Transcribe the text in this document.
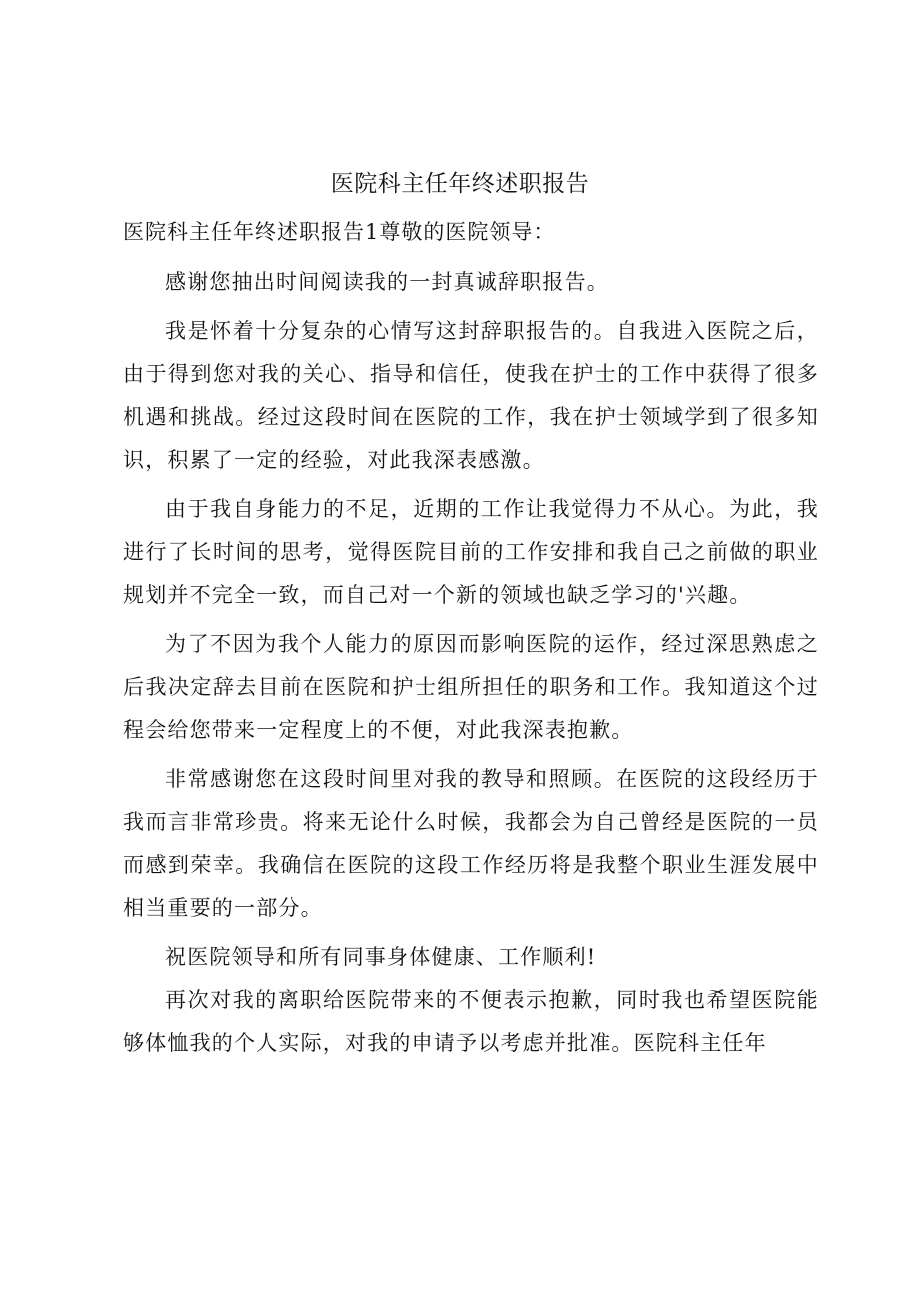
医院科主任年终述职报告

医院科主任年终述职报告1尊敬的医院领导：

感谢您抽出时间阅读我的一封真诚辞职报告。

我是怀着十分复杂的心情写这封辞职报告的。自我进入医院之后，由于得到您对我的关心、指导和信任，使我在护士的工作中获得了很多机遇和挑战。经过这段时间在医院的工作，我在护士领域学到了很多知识，积累了一定的经验，对此我深表感激。

由于我自身能力的不足，近期的工作让我觉得力不从心。为此，我进行了长时间的思考，觉得医院目前的工作安排和我自己之前做的职业规划并不完全一致，而自己对一个新的领域也缺乏学习的'兴趣。

为了不因为我个人能力的原因而影响医院的运作，经过深思熟虑之后我决定辞去目前在医院和护士组所担任的职务和工作。我知道这个过程会给您带来一定程度上的不便，对此我深表抱歉。

非常感谢您在这段时间里对我的教导和照顾。在医院的这段经历于我而言非常珍贵。将来无论什么时候，我都会为自己曾经是医院的一员而感到荣幸。我确信在医院的这段工作经历将是我整个职业生涯发展中相当重要的一部分。

祝医院领导和所有同事身体健康、工作顺利!

再次对我的离职给医院带来的不便表示抱歉，同时我也希望医院能够体恤我的个人实际，对我的申请予以考虑并批准。医院科主任年
